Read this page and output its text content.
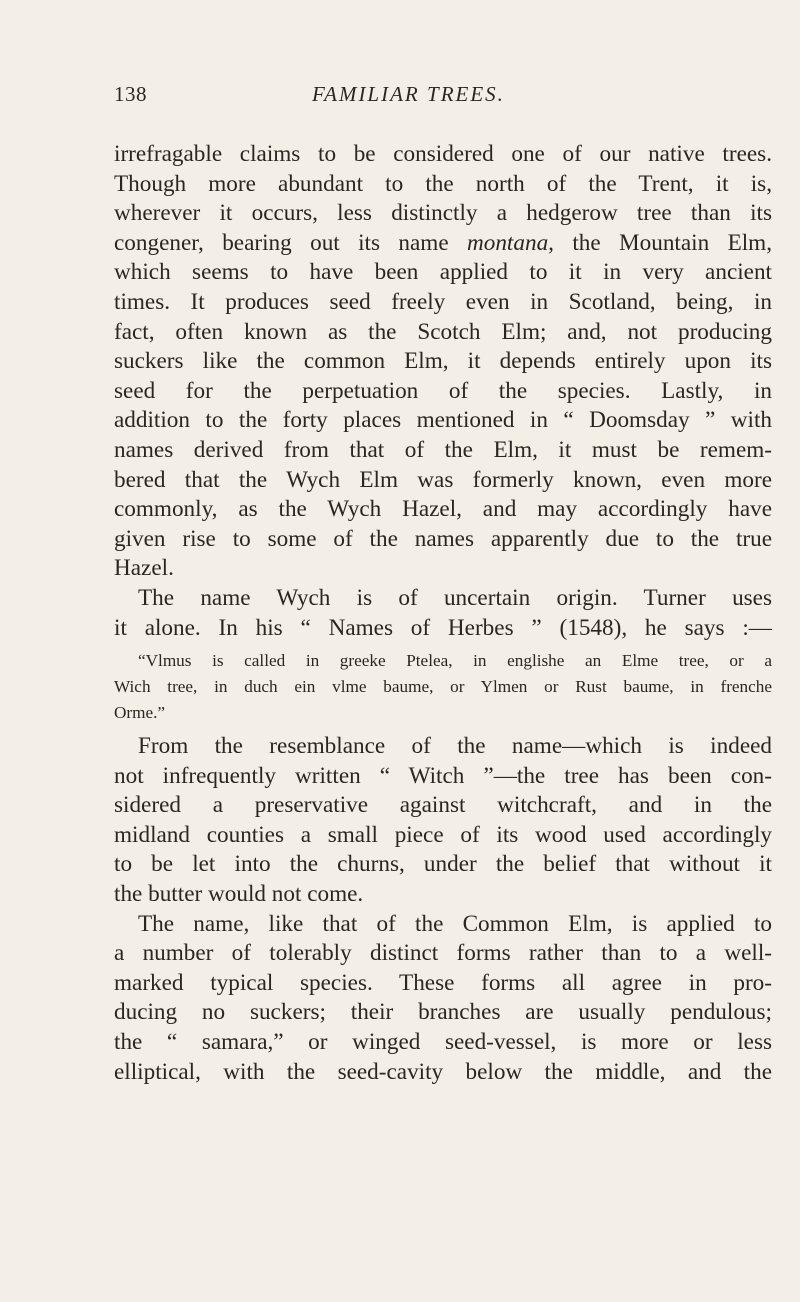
138	FAMILIAR TREES.
irrefragable claims to be considered one of our native trees.
Though more abundant to the north of the Trent, it is,
wherever it occurs, less distinctly a hedgerow tree than its
congener, bearing out its name montana, the Mountain Elm,
which seems to have been applied to it in very ancient
times. It produces seed freely even in Scotland, being, in
fact, often known as the Scotch Elm; and, not producing
suckers like the common Elm, it depends entirely upon its
seed for the perpetuation of the species. Lastly, in
addition to the forty places mentioned in “ Doomsday ” with
names derived from that of the Elm, it must be remem-
bered that the Wych Elm was formerly known, even more
commonly, as the Wych Hazel, and may accordingly have
given rise to some of the names apparently due to the true
Hazel.
The name Wych is of uncertain origin. Turner uses
it alone. In his “ Names of Herbes ” (1548), he says :—
“Vlmus is called in greeke Ptelea, in englishe an Elme tree, or a
Wich tree, in duch ein vlme baume, or Ylmen or Rust baume, in frenche
Orme.”
From the resemblance of the name—which is indeed
not infrequently written “ Witch ”—the tree has been con-
sidered a preservative against witchcraft, and in the
midland counties a small piece of its wood used accordingly
to be let into the churns, under the belief that without it
the butter would not come.
The name, like that of the Common Elm, is applied to
a number of tolerably distinct forms rather than to a well-
marked typical species. These forms all agree in pro-
ducing no suckers; their branches are usually pendulous;
the “ samara,” or winged seed-vessel, is more or less
elliptical, with the seed-cavity below the middle, and the
